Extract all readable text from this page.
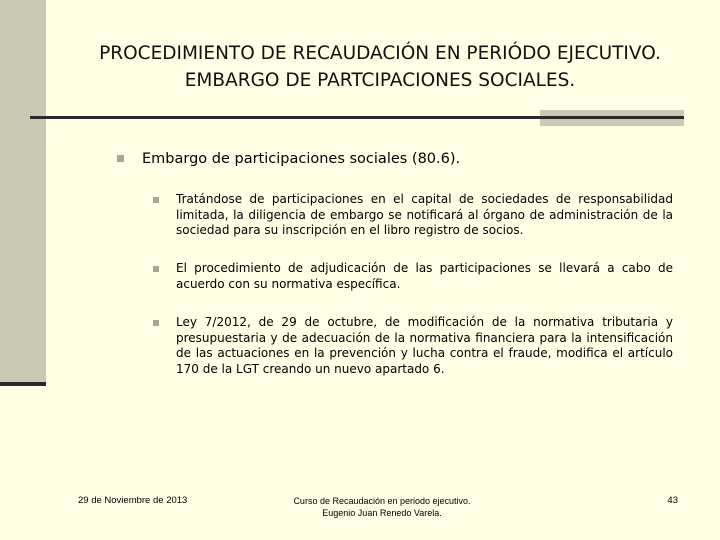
PROCEDIMIENTO DE RECAUDACIÓN EN PERIÓDO EJECUTIVO.
EMBARGO DE PARTCIPACIONES SOCIALES.
Embargo de participaciones sociales (80.6).
Tratándose de participaciones en el capital de sociedades de responsabilidad limitada, la diligencia de embargo se notificará al órgano de administración de la sociedad para su inscripción en el libro registro de socios.
El procedimiento de adjudicación de las participaciones se llevará a cabo de acuerdo con su normativa específica.
Ley 7/2012, de 29 de octubre, de modificación de la normativa tributaria y presupuestaria y de adecuación de la normativa financiera para la intensificación de las actuaciones en la prevención y lucha contra el fraude, modifica el artículo 170 de la LGT creando un nuevo apartado 6.
29 de Noviembre de 2013	Curso de Recaudación en periodo ejecutivo.
Eugenio Juan Renedo Varela.
43
